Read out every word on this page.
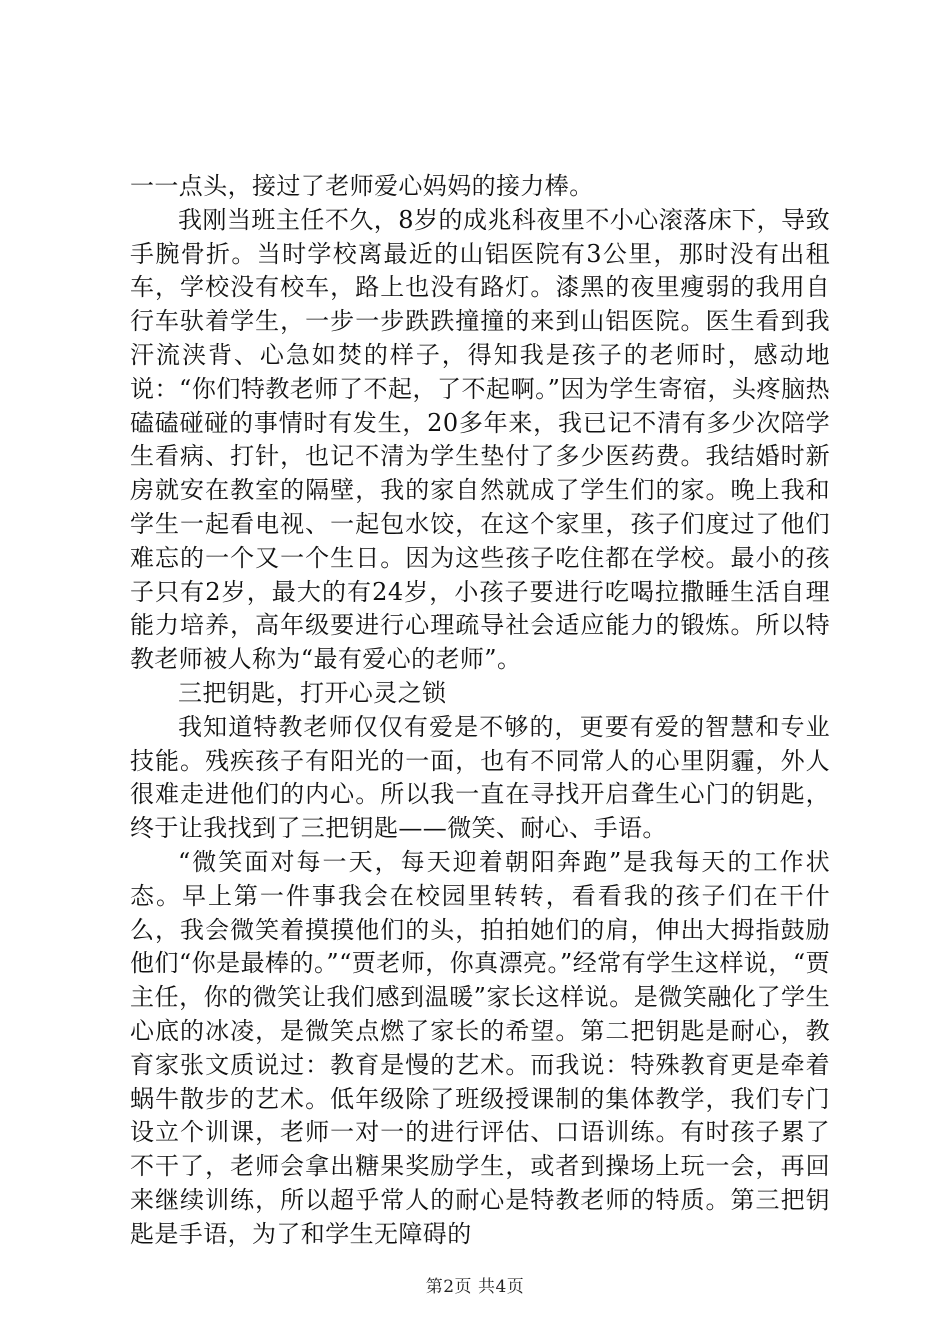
一一点头，接过了老师爱心妈妈的接力棒。

我刚当班主任不久，8岁的成兆科夜里不小心滚落床下，导致手腕骨折。当时学校离最近的山铝医院有3公里，那时没有出租车，学校没有校车，路上也没有路灯。漆黑的夜里瘦弱的我用自行车驮着学生，一步一步跌跌撞撞的来到山铝医院。医生看到我汗流浃背、心急如焚的样子，得知我是孩子的老师时，感动地说：“你们特教老师了不起，了不起啊。”因为学生寄宿，头疼脑热磕磕碰碰的事情时有发生，20多年来，我已记不清有多少次陪学生看病、打针，也记不清为学生垫付了多少医药费。我结婚时新房就安在教室的隔壁，我的家自然就成了学生们的家。晚上我和学生一起看电视、一起包水饺，在这个家里，孩子们度过了他们难忘的一个又一个生日。因为这些孩子吃住都在学校。最小的孩子只有2岁，最大的有24岁，小孩子要进行吃喝拉撒睡生活自理能力培养，高年级要进行心理疏导社会适应能力的锻炼。所以特教老师被人称为“最有爱心的老师”。

三把钥匙，打开心灵之锁

我知道特教老师仅仅有爱是不够的，更要有爱的智慧和专业技能。残疾孩子有阳光的一面，也有不同常人的心里阴霾，外人很难走进他们的内心。所以我一直在寻找开启聋生心门的钥匙，终于让我找到了三把钥匙——微笑、耐心、手语。

“微笑面对每一天，每天迎着朝阳奔跑”是我每天的工作状态。早上第一件事我会在校园里转转，看看我的孩子们在干什么，我会微笑着摸摸他们的头，拍拍她们的肩，伸出大拇指鼓励他们“你是最棒的。”“贾老师，你真漂亮。”经常有学生这样说，“贾主任，你的微笑让我们感到温暖”家长这样说。是微笑融化了学生心底的冰凌，是微笑点燃了家长的希望。第二把钥匙是耐心，教育家张文质说过：教育是慢的艺术。而我说：特殊教育更是牵着蜗牛散步的艺术。低年级除了班级授课制的集体教学，我们专门设立个训课，老师一对一的进行评估、口语训练。有时孩子累了不干了，老师会拿出糖果奖励学生，或者到操场上玩一会，再回来继续训练，所以超乎常人的耐心是特教老师的特质。第三把钥匙是手语，为了和学生无障碍的

第2页 共4页
